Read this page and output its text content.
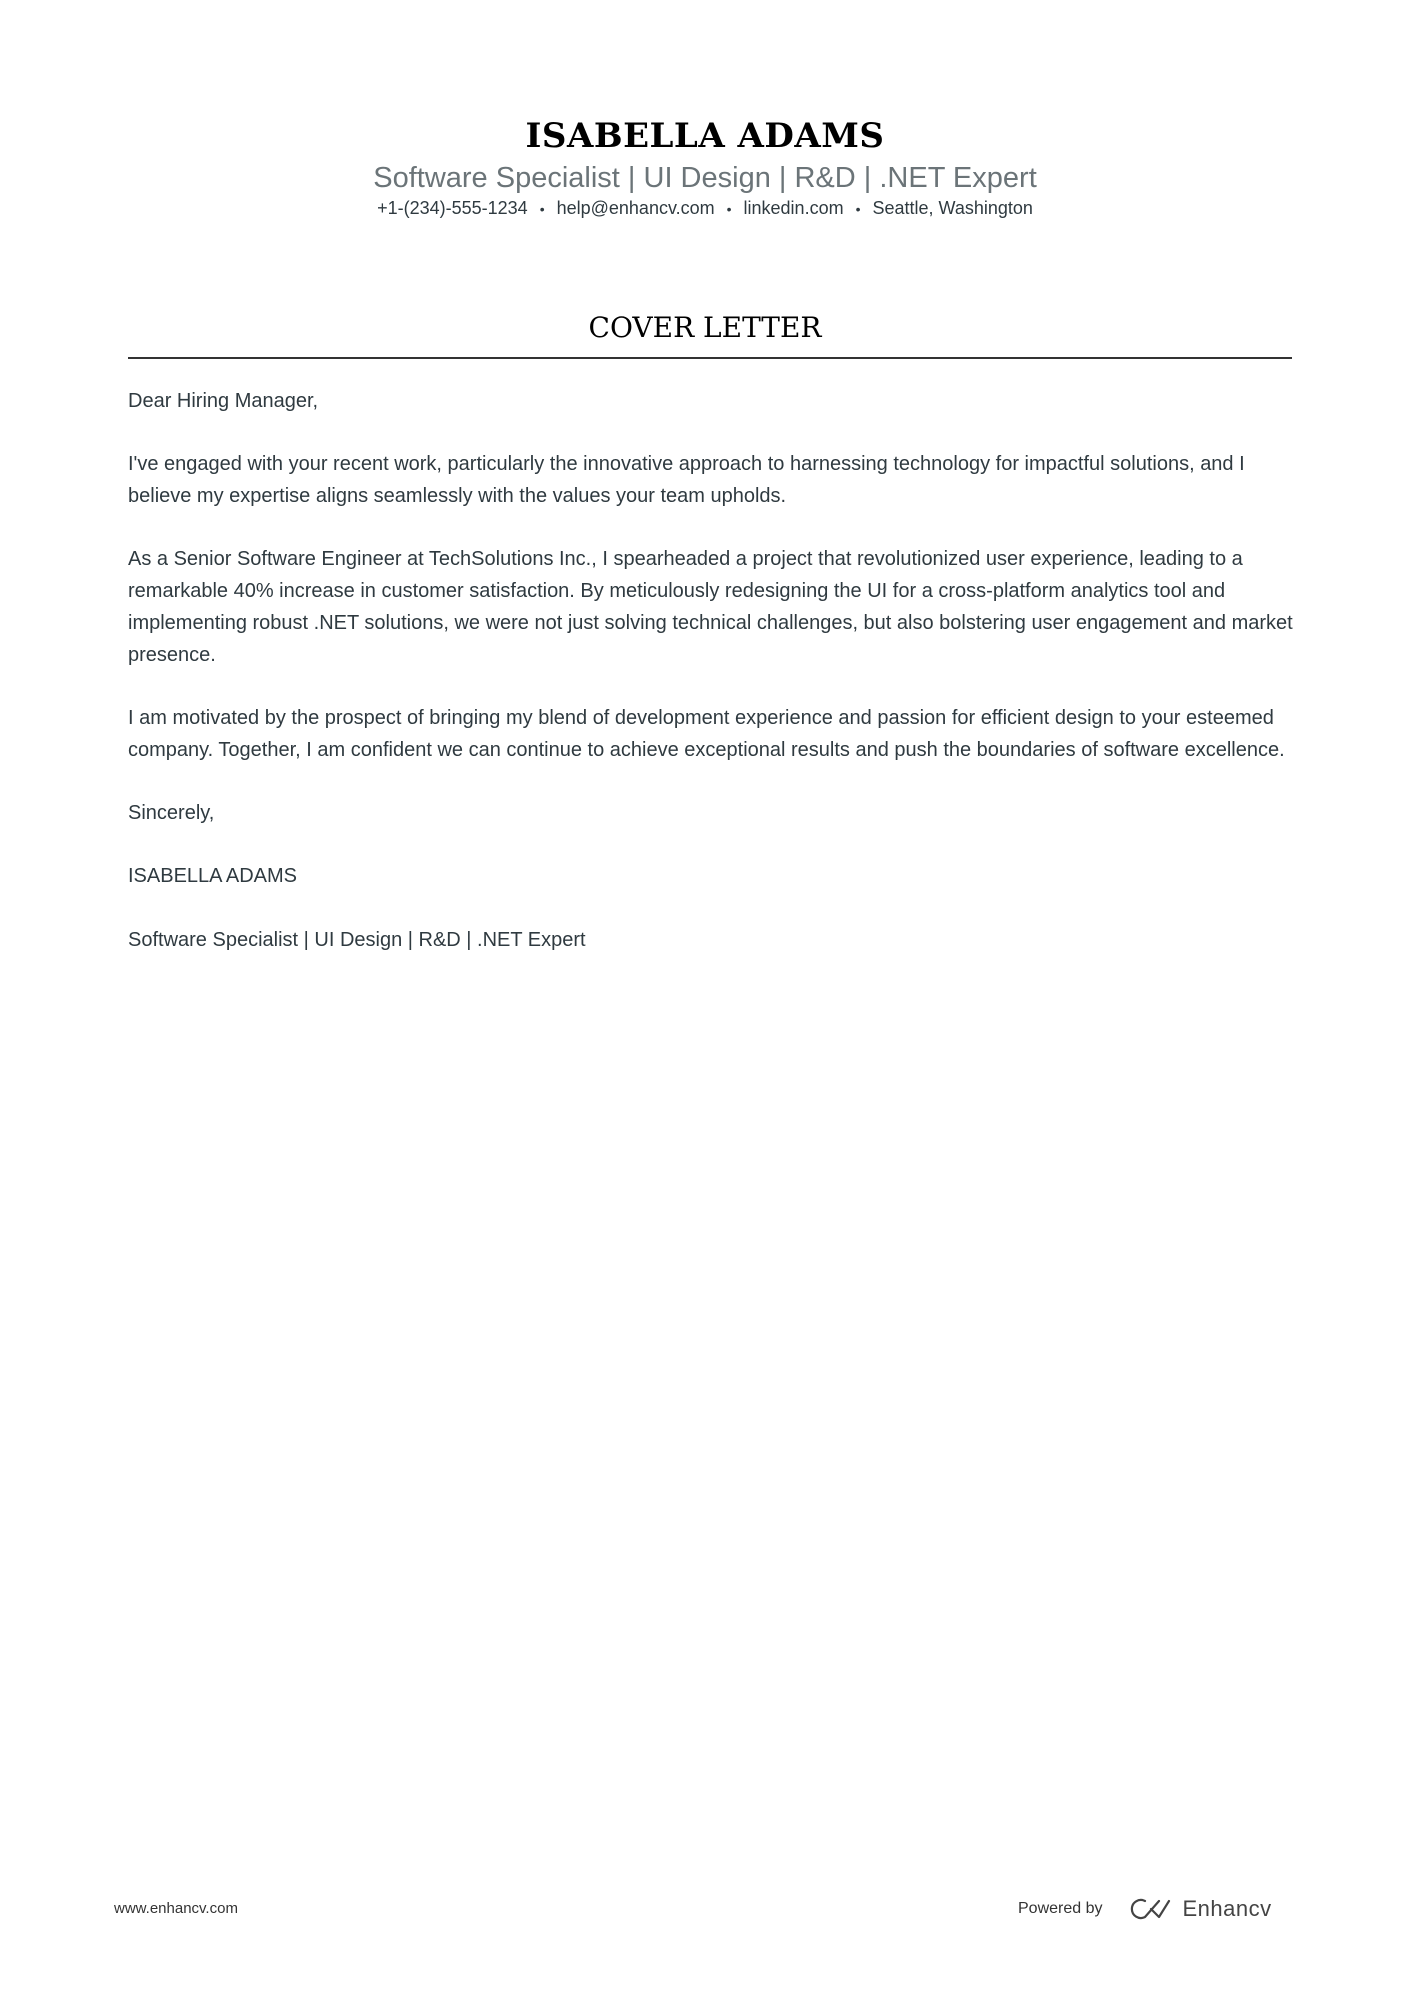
ISABELLA ADAMS
Software Specialist | UI Design | R&D | .NET Expert
+1-(234)-555-1234 • help@enhancv.com • linkedin.com • Seattle, Washington
COVER LETTER

Dear Hiring Manager,

I've engaged with your recent work, particularly the innovative approach to harnessing technology for impactful solutions, and I believe my expertise aligns seamlessly with the values your team upholds.

As a Senior Software Engineer at TechSolutions Inc., I spearheaded a project that revolutionized user experience, leading to a remarkable 40% increase in customer satisfaction. By meticulously redesigning the UI for a cross-platform analytics tool and implementing robust .NET solutions, we were not just solving technical challenges, but also bolstering user engagement and market presence.

I am motivated by the prospect of bringing my blend of development experience and passion for efficient design to your esteemed company. Together, I am confident we can continue to achieve exceptional results and push the boundaries of software excellence.

Sincerely,

ISABELLA ADAMS

Software Specialist | UI Design | R&D | .NET Expert

www.enhancv.com	Powered by	Enhancv
